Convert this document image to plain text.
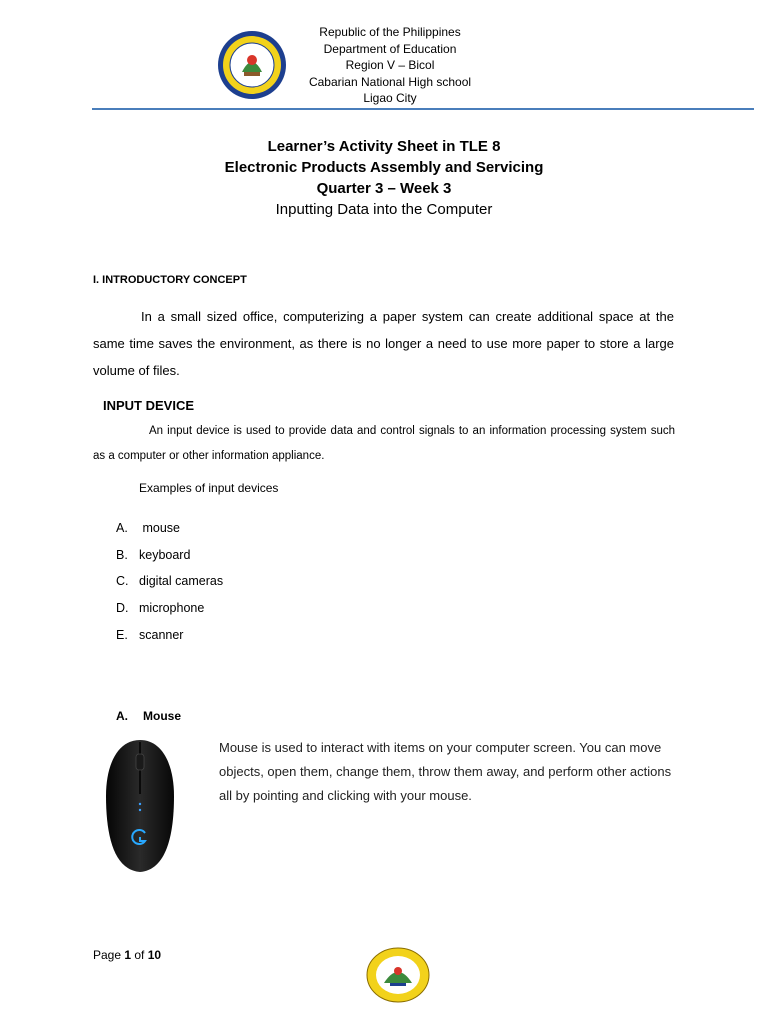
Republic of the Philippines
Department of Education
Region V – Bicol
Cabarian National High school
Ligao City
Learner’s Activity Sheet in TLE 8
Electronic Products Assembly and Servicing
Quarter 3 – Week 3
Inputting Data into the Computer
I. INTRODUCTORY CONCEPT
In a small sized office, computerizing a paper system can create additional space at the same time saves the environment, as there is no longer a need to use more paper to store a large volume of files.
INPUT DEVICE
An input device is used to provide data and control signals to an information processing system such as a computer or other information appliance.
Examples of input devices
A. mouse
B. keyboard
C. digital cameras
D. microphone
E. scanner
A.	Mouse
Mouse is used to interact with items on your computer screen. You can move objects, open them, change them, throw them away, and perform other actions all by pointing and clicking with your mouse.
Page 1 of 10
